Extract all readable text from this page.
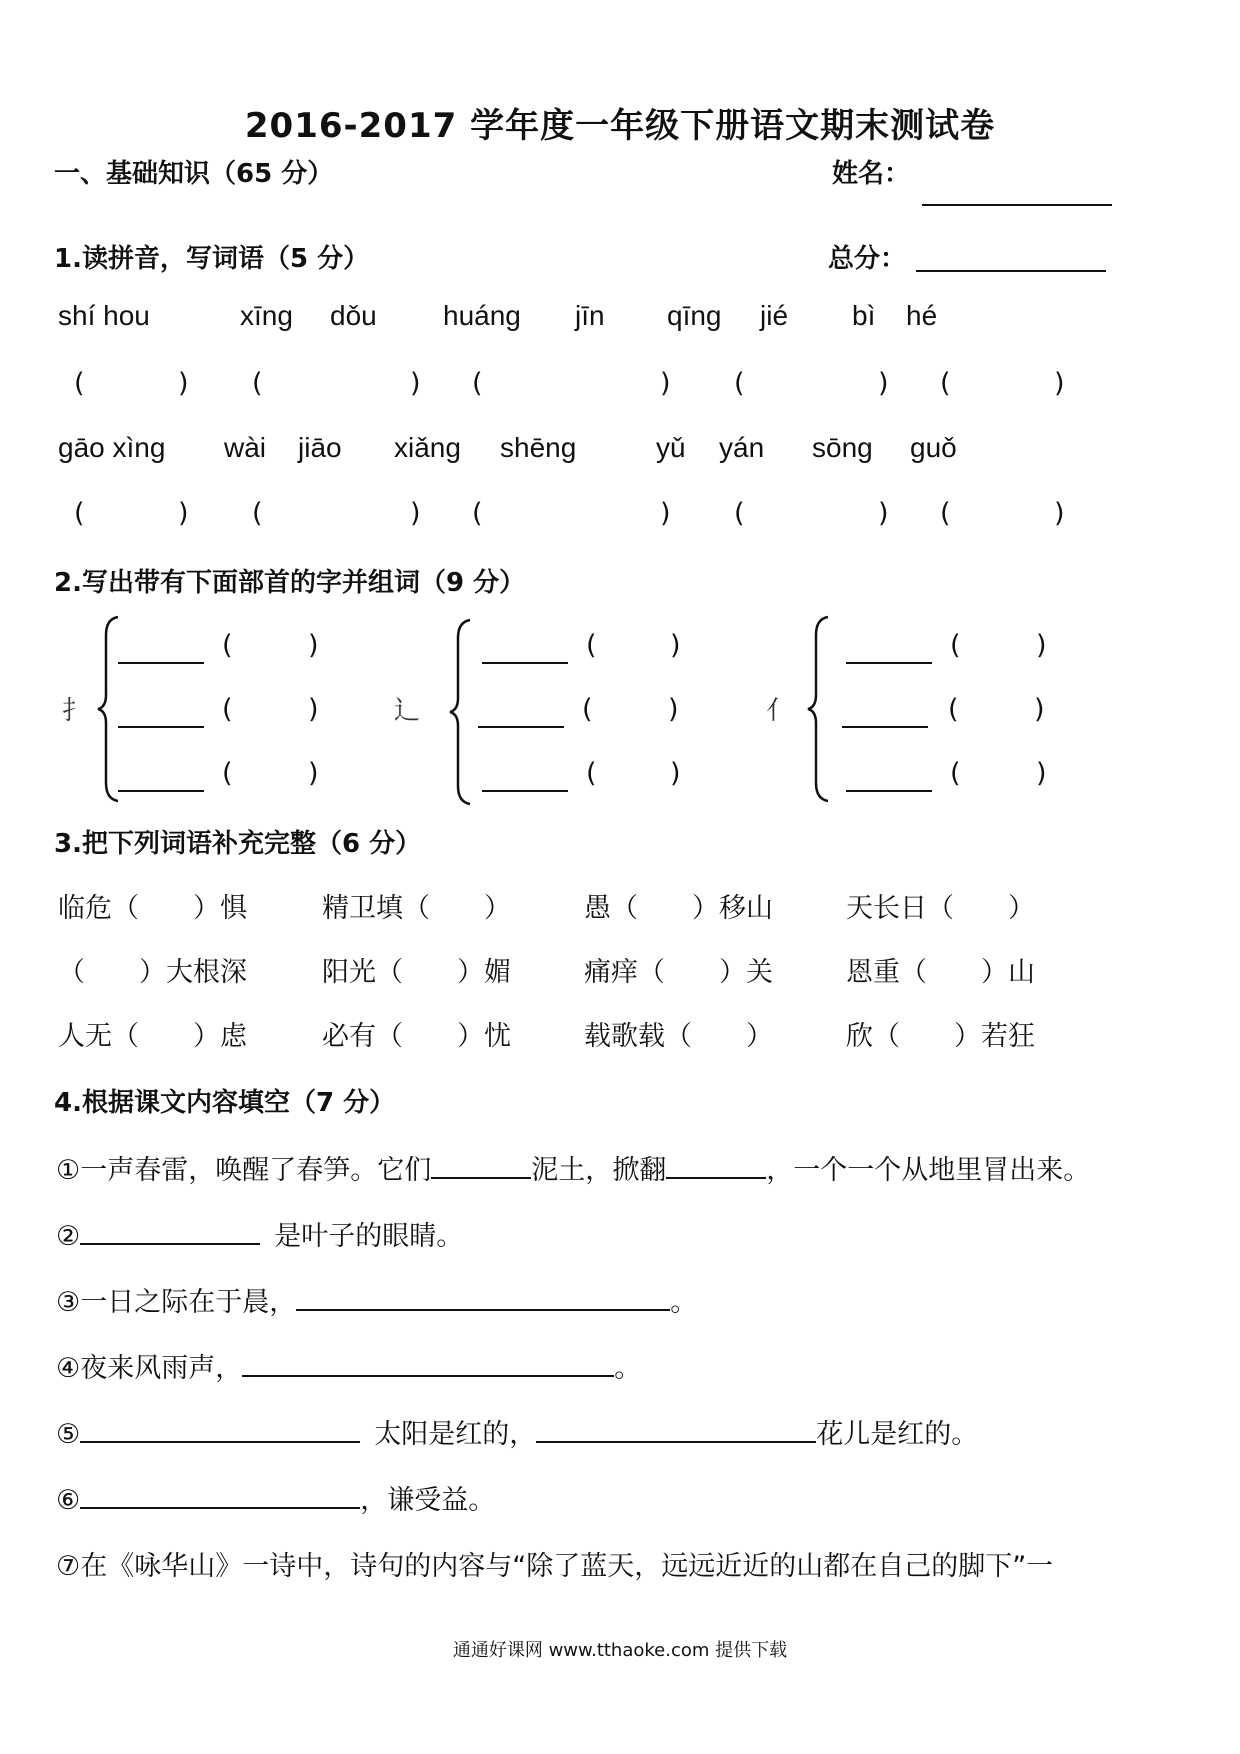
2016-2017 学年度一年级下册语文期末测试卷
一、基础知识（65 分）	姓名：
1.读拼音，写词语（5 分）	总分：
shí hou	xīng dǒu huáng jīn qīng jié bì hé
(	) (	) (	) (	) (	)
gāo xìng wài jiāo xiǎng shēng	yǔ yán sōng guǒ
(	) (	) (	) (	) (	)
2.写出带有下面部首的字并组词（9 分）
扌
(	)
(	)
(	)
辶
(	)
(	)
(	)
亻
(	)
(	)
(	)
3.把下列词语补充完整（6 分）
临危（ ）惧	精卫填（ ）	愚（ ）移山	天长日（ ）
（ ）大根深	阳光（ ）媚	痛痒（ ）关	恩重（ ）山
人无（ ）虑	必有（ ）忧	载歌载（ ）	欣（ ）若狂
4.根据课文内容填空（7 分）
①一声春雷，唤醒了春笋。它们	泥土，掀翻	，一个一个从地里冒出来。
②	是叶子的眼睛。
③一日之际在于晨，	。
④夜来风雨声，	。
⑤	太阳是红的，	花儿是红的。
⑥	，谦受益。
⑦在《咏华山》一诗中，诗句的内容与“除了蓝天，远远近近的山都在自己的脚下”一
通通好课网 www.tthaoke.com 提供下载
